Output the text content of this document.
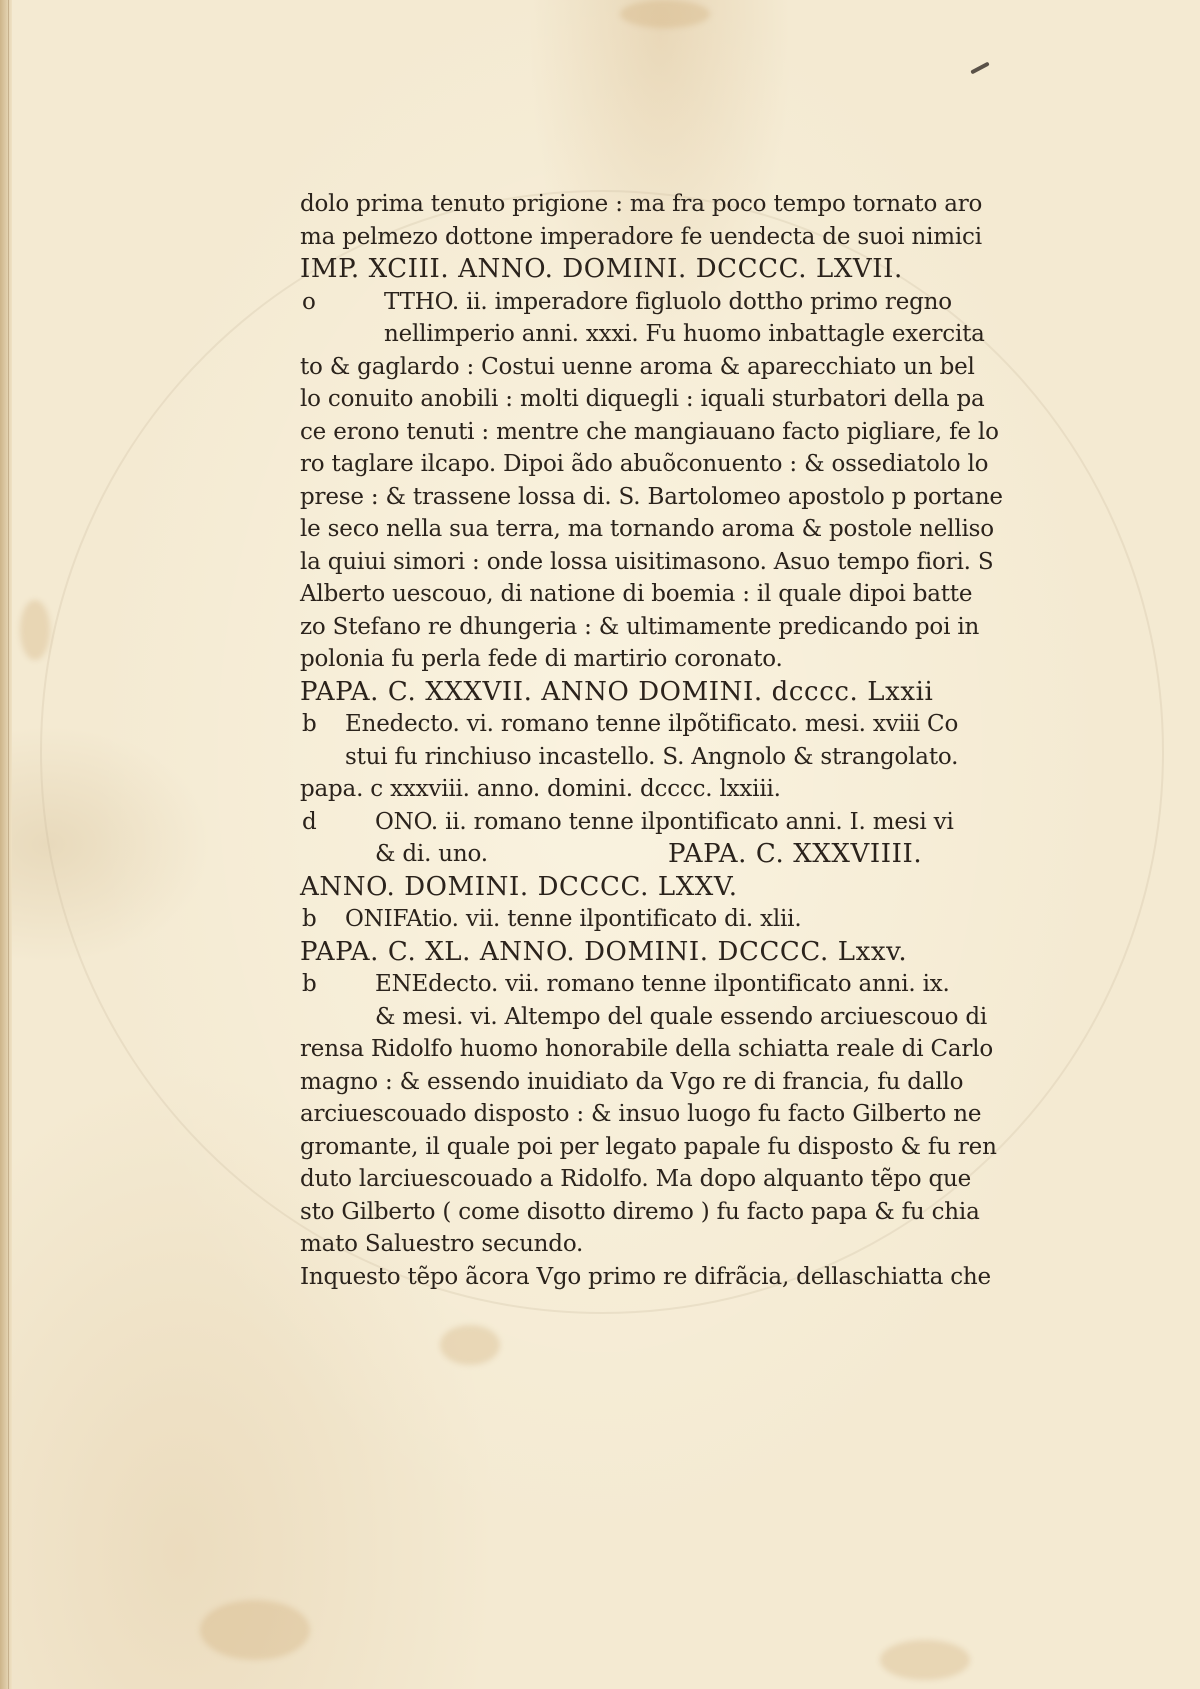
dolo prima tenuto prigione : ma fra poco tempo tornato aro
ma pelmezo dottone imperadore fe uendecta de suoi nimici
IMP. XCIII. ANNO. DOMINI. DCCCC. LXVII.
o	TTHO. ii. imperadore figluolo dottho primo regno
nellimperio anni. xxxi. Fu huomo inbattagle exercita
to & gaglardo : Costui uenne aroma & aparecchiato un bel
lo conuito anobili : molti diquegli : iquali sturbatori della pa
ce erono tenuti : mentre che mangiauano facto pigliare, fe lo
ro taglare ilcapo. Dipoi ãdo abuõconuento : & ossediatolo lo
prese : & trassene lossa di. S. Bartolomeo apostolo p portane
le seco nella sua terra, ma tornando aroma & postole nelliso
la quiui simori : onde lossa uisitimasono. Asuo tempo fiori. S
Alberto uescouo, di natione di boemia : il quale dipoi batte
zo Stefano re dhungeria : & ultimamente predicando poi in
polonia fu perla fede di martirio coronato.
PAPA. C. XXXVII. ANNO DOMINI. dcccc. Lxxii
b Enedecto. vi. romano tenne ilpõtificato. mesi. xviii Co
stui fu rinchiuso incastello. S. Angnolo & strangolato.
papa. c xxxviii. anno. domini. dcccc. lxxiii.
d	ONO. ii. romano tenne ilpontificato anni. I. mesi vi
& di. uno.	PAPA. C. XXXVIIII.
ANNO. DOMINI. DCCCC. LXXV.
b ONIFAtio. vii. tenne ilpontificato di. xlii.
PAPA. C. XL. ANNO. DOMINI. DCCCC. Lxxv.
b	ENEdecto. vii. romano tenne ilpontificato anni. ix.
& mesi. vi. Altempo del quale essendo arciuescouo di
rensa Ridolfo huomo honorabile della schiatta reale di Carlo
magno : & essendo inuidiato da Vgo re di francia, fu dallo
arciuescouado disposto : & insuo luogo fu facto Gilberto ne
gromante, il quale poi per legato papale fu disposto & fu ren
duto larciuescouado a Ridolfo. Ma dopo alquanto tẽpo que
sto Gilberto ( come disotto diremo ) fu facto papa & fu chia
mato Saluestro secundo.
Inquesto tẽpo ãcora Vgo primo re difrãcia, dellaschiatta che
